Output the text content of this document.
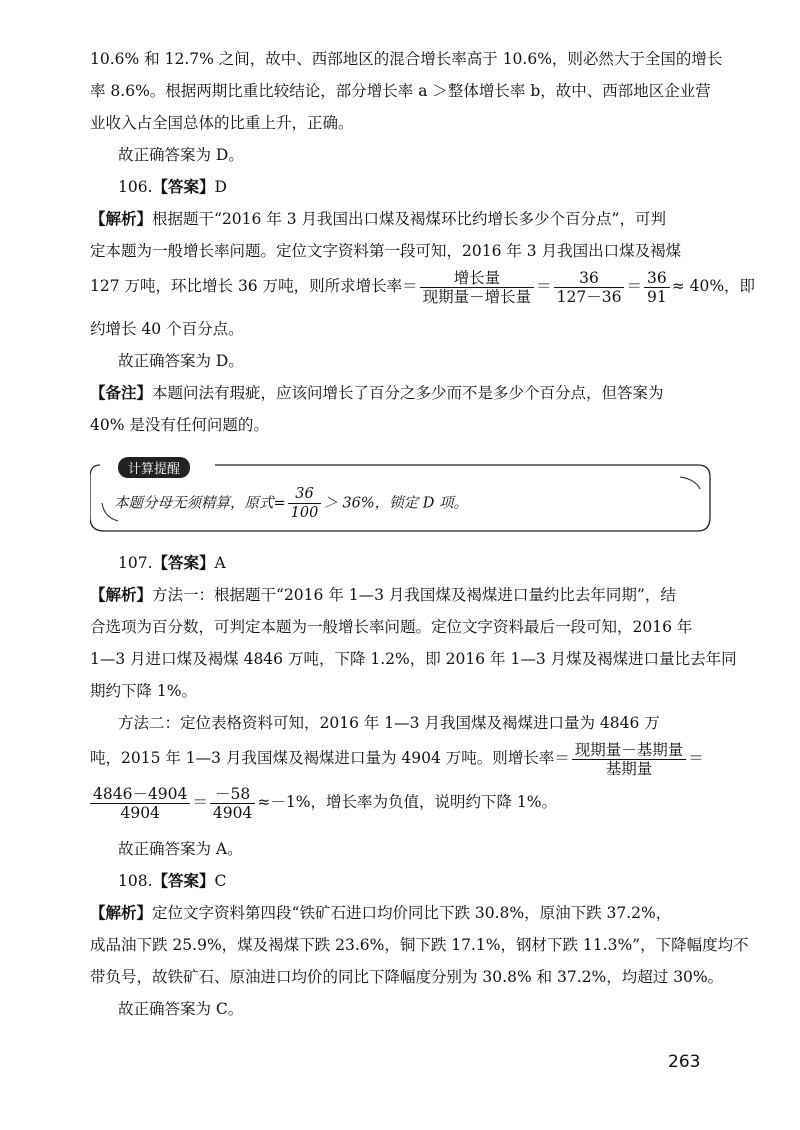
10.6% 和 12.7% 之间，故中、西部地区的混合增长率高于 10.6%，则必然大于全国的增长
率 8.6%。根据两期比重比较结论，部分增长率 a ＞整体增长率 b，故中、西部地区企业营
业收入占全国总体的比重上升，正确。
故正确答案为 D。
106.【答案】D
【解析】根据题干“2016 年 3 月我国出口煤及褐煤环比约增长多少个百分点”，可判
定本题为一般增长率问题。定位文字资料第一段可知，2016 年 3 月我国出口煤及褐煤
127 万吨，环比增长 36 万吨，则所求增长率＝ $\frac{\text{增长量}}{\text{现期量－增长量}} = \frac{36}{127-36} = \frac{36}{91} \approx 40\%$，即
约增长 40 个百分点。
故正确答案为 D。
【备注】本题问法有瑕疵，应该问增长了百分之多少而不是多少个百分点，但答案为
40% 是没有任何问题的。
计算提醒
本题分母无须精算，原式= $\frac{36}{100} > 36\%$，锁定 D 项。
107.【答案】A
【解析】方法一：根据题干“2016 年 1—3 月我国煤及褐煤进口量约比去年同期”，结
合选项为百分数，可判定本题为一般增长率问题。定位文字资料最后一段可知，2016 年
1—3 月进口煤及褐煤 4846 万吨，下降 1.2%，即 2016 年 1—3 月煤及褐煤进口量比去年同
期约下降 1%。
方法二：定位表格资料可知，2016 年 1—3 月我国煤及褐煤进口量为 4846 万
吨，2015 年 1—3 月我国煤及褐煤进口量为 4904 万吨。则增长率＝ $\frac{\text{现期量－基期量}}{\text{基期量}}$ ＝
$\frac{4846-4904}{4904} = \frac{-58}{4904} \approx-1\%$，增长率为负值，说明约下降 1%。
故正确答案为 A。
108.【答案】C
【解析】定位文字资料第四段“铁矿石进口均价同比下跌 30.8%，原油下跌 37.2%，
成品油下跌 25.9%，煤及褐煤下跌 23.6%，铜下跌 17.1%，钢材下跌 11.3%”，下降幅度均不
带负号，故铁矿石、原油进口均价的同比下降幅度分别为 30.8% 和 37.2%，均超过 30%。
故正确答案为 C。
263
